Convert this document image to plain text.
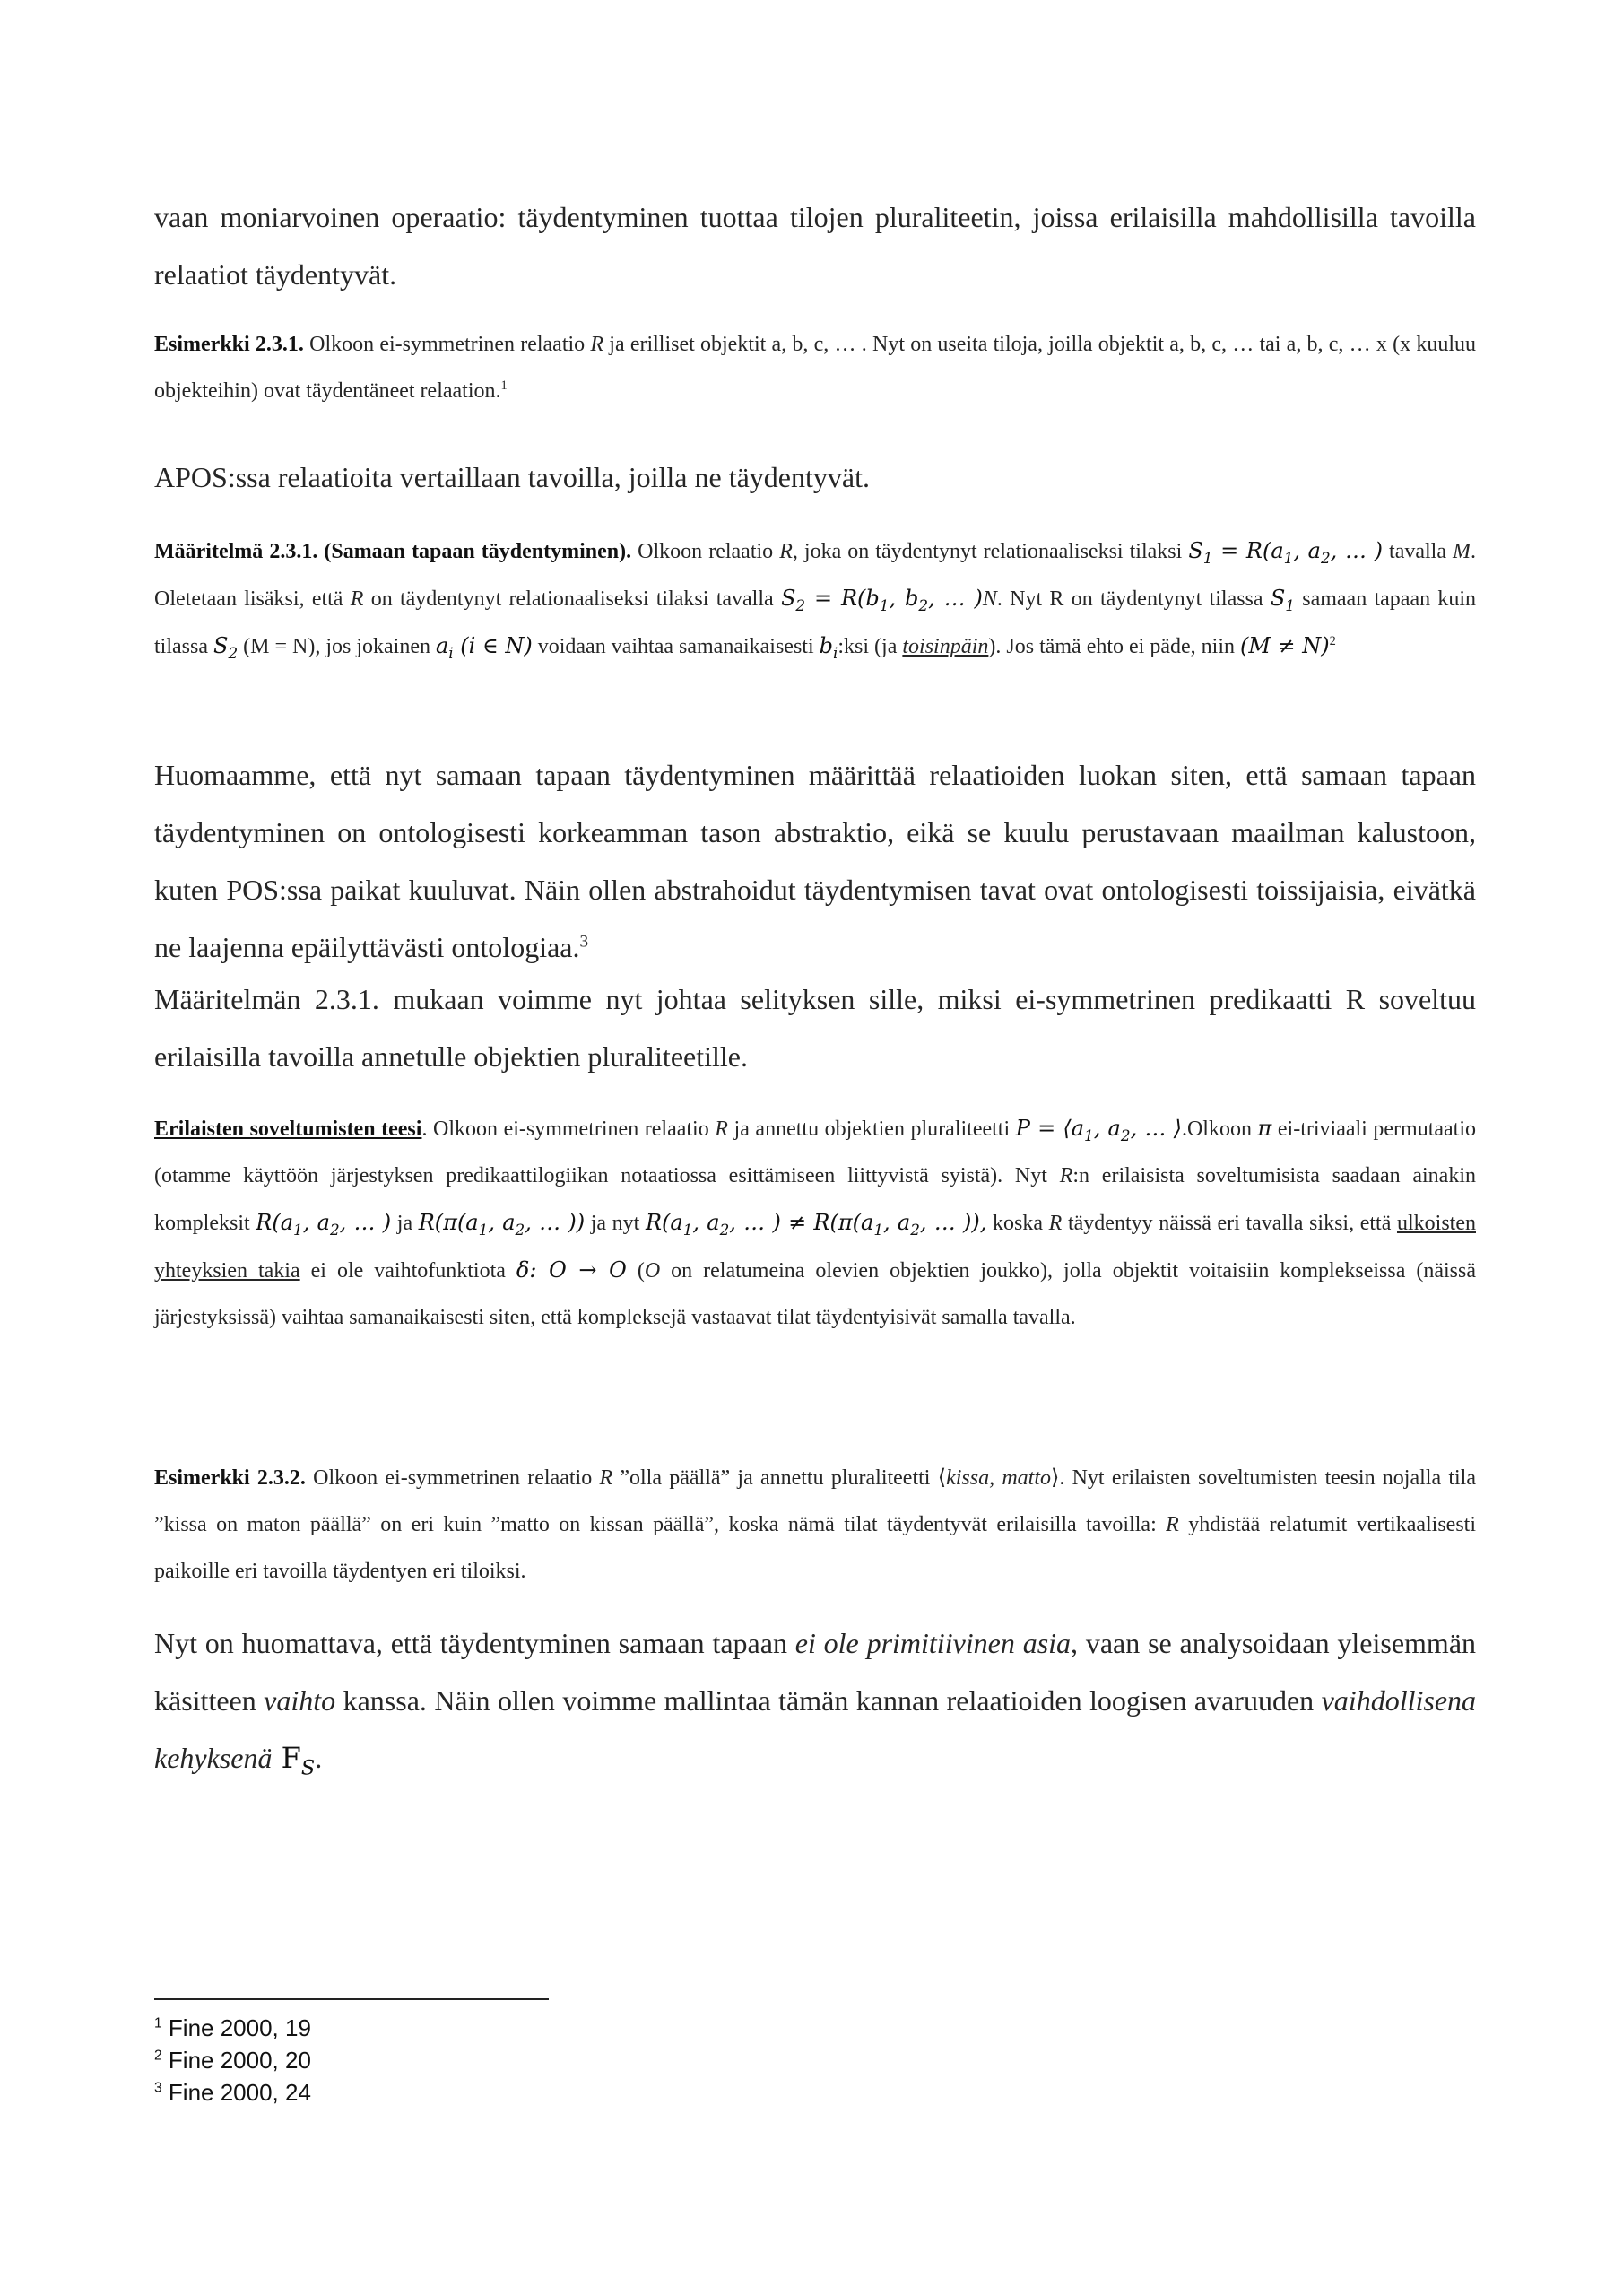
vaan moniarvoinen operaatio: täydentyminen tuottaa tilojen pluraliteetin, joissa erilaisilla mahdollisilla tavoilla relaatiot täydentyvät.
Esimerkki 2.3.1. Olkoon ei-symmetrinen relaatio R ja erilliset objektit a, b, c, … . Nyt on useita tiloja, joilla objektit a, b, c, … tai a, b, c, … x (x kuuluu objekteihin) ovat täydentäneet relaation.$^1$
APOS:ssa relaatioita vertaillaan tavoilla, joilla ne täydentyvät.
Määritelmä 2.3.1. (Samaan tapaan täydentyminen). Olkoon relaatio R, joka on täydentynyt relationaaliseksi tilaksi $S_1 = R(a_1$, $a_2$, … ) tavalla M. Oletetaan lisäksi, että R on täydentynyt relationaaliseksi tilaksi tavalla $S_2 = R(b_1$, $b_2$, … )N. Nyt R on täydentynyt tilassa $S_1$ samaan tapaan kuin tilassa $S_2$ (M = N), jos jokainen $a_i$ (i ∈ N) voidaan vaihtaa samanaikaisesti $b_i:ksi$ (ja toisinpäin). Jos tämä ehto ei päde, niin (M ≠ N)$^2$
Huomaamme, että nyt samaan tapaan täydentyminen määrittää relaatioiden luokan siten, että samaan tapaan täydentyminen on ontologisesti korkeamman tason abstraktio, eikä se kuulu perustavaan maailman kalustoon, kuten POS:ssa paikat kuuluvat. Näin ollen abstrahoidut täydentymisen tavat ovat ontologisesti toissijaisia, eivätkä ne laajenna epäilyttävästi ontologiaa.$^3$
Määritelmän 2.3.1. mukaan voimme nyt johtaa selityksen sille, miksi ei-symmetrinen predikaatti R soveltuu erilaisilla tavoilla annetulle objektien pluraliteetille.
Erilaisten soveltumisten teesi. Olkoon ei-symmetrinen relaatio R ja annettu objektien pluraliteetti $P = ⟨a_1$, $a_2$, … ⟩.Olkoon π ei-triviaali permutaatio (otamme käyttöön järjestyksen predikaattilogiikan notaatiossa esittämiseen liittyvistä syistä). Nyt R:n erilaisista soveltumisista saadaan ainakin kompleksit $R(a_1$, $a_2$, … ) ja $R(\pi(a_1$, $a_2$, … )) ja nyt $R(a_1$, $a_2$, … ) ≠ $R(\pi(a_1$, $a_2$, … )), koska R täydentyy näissä eri tavalla siksi, että ulkoisten yhteyksien takia ei ole vaihtofunktiota δ: O → O (O on relatumeina olevien objektien joukko), jolla objektit voitaisiin komplekseissa (näissä järjestyksissä) vaihtaa samanaikaisesti siten, että kompleksejä vastaavat tilat täydentyisivät samalla tavalla.
Esimerkki 2.3.2. Olkoon ei-symmetrinen relaatio R ”olla päällä” ja annettu pluraliteetti ⟨kissa, matto⟩. Nyt erilaisten soveltumisten teesin nojalla tila ”kissa on maton päällä” on eri kuin ”matto on kissan päällä”, koska nämä tilat täydentyvät erilaisilla tavoilla: R yhdistää relatumit vertikaalisesti paikoille eri tavoilla täydentyen eri tiloiksi.
Nyt on huomattava, että täydentyminen samaan tapaan ei ole primitiivinen asia, vaan se analysoidaan yleisemmän käsitteen vaihto kanssa. Näin ollen voimme mallintaa tämän kannan relaatioiden loogisen avaruuden vaihdollisena kehyksenä $F_S$.
$^1$ Fine 2000, 19
$^2$ Fine 2000, 20
$^3$ Fine 2000, 24
